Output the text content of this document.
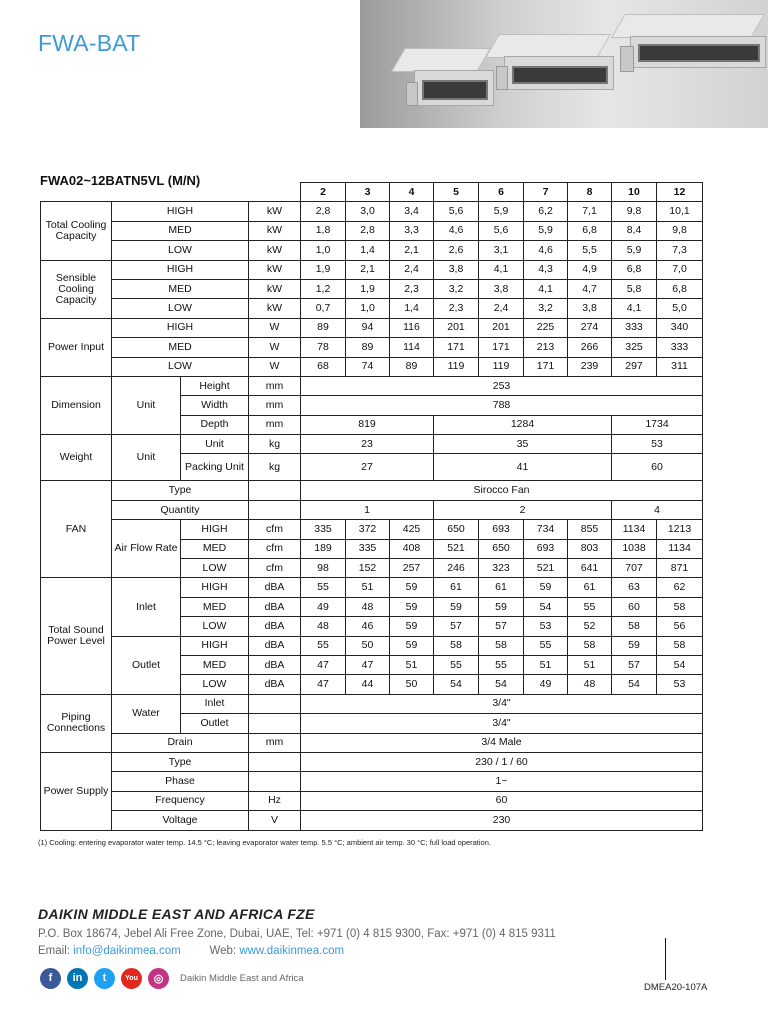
FWA-BAT
FWA02~12BATN5VL (M/N)
				2	3	4	5	6	7	8	10	12
Total Cooling Capacity	HIGH		kW	2,8	3,0	3,4	5,6	5,9	6,2	7,1	9,8	10,1
	MED		kW	1,8	2,8	3,3	4,6	5,6	5,9	6,8	8,4	9,8
	LOW		kW	1,0	1,4	2,1	2,6	3,1	4,6	5,5	5,9	7,3
Sensible Cooling Capacity	HIGH		kW	1,9	2,1	2,4	3,8	4,1	4,3	4,9	6,8	7,0
	MED		kW	1,2	1,9	2,3	3,2	3,8	4,1	4,7	5,8	6,8
	LOW		kW	0,7	1,0	1,4	2,3	2,4	3,2	3,8	4,1	5,0
Power Input	HIGH		W	89	94	116	201	201	225	274	333	340
	MED		W	78	89	114	171	171	213	266	325	333
	LOW		W	68	74	89	119	119	171	239	297	311
Dimension	Unit	Height	mm	253								
		Width	mm	788								
		Depth	mm	819			1284				1734	
Weight	Unit	Unit	kg	23			35				53	
		Packing Unit	kg	27			41				60	
FAN	Type			Sirocco Fan								
	Quantity			1			2				4	
	Air Flow Rate	HIGH	cfm	335	372	425	650	693	734	855	1134	1213
		MED	cfm	189	335	408	521	650	693	803	1038	1134
		LOW	cfm	98	152	257	246	323	521	641	707	871
Total Sound Power Level	Inlet	HIGH	dBA	55	51	59	61	61	59	61	63	62
		MED	dBA	49	48	59	59	59	54	55	60	58
		LOW	dBA	48	46	59	57	57	53	52	58	56
	Outlet	HIGH	dBA	55	50	59	58	58	55	58	59	58
		MED	dBA	47	47	51	55	55	51	51	57	54
		LOW	dBA	47	44	50	54	54	49	48	54	53
Piping Connections	Water	Inlet		3/4"								
		Outlet		3/4"								
	Drain		mm	3/4 Male								
Power Supply	Type			230 / 1 / 60								
	Phase			1~								
	Frequency		Hz	60								
	Voltage		V	230								
(1) Cooling: entering evaporator water temp. 14.5 °C; leaving evaporator water temp. 5.5 °C; ambient air temp. 30 °C; full load operation.
DAIKIN MIDDLE EAST AND AFRICA FZE
P.O. Box 18674, Jebel Ali Free Zone, Dubai, UAE, Tel: +971 (0) 4 815 9300, Fax: +971 (0) 4 815 9311
Email: info@daikinmea.com	Web: www.daikinmea.com
f	in	t	You	◎	Daikin Middle East and Africa
DMEA20-107A
